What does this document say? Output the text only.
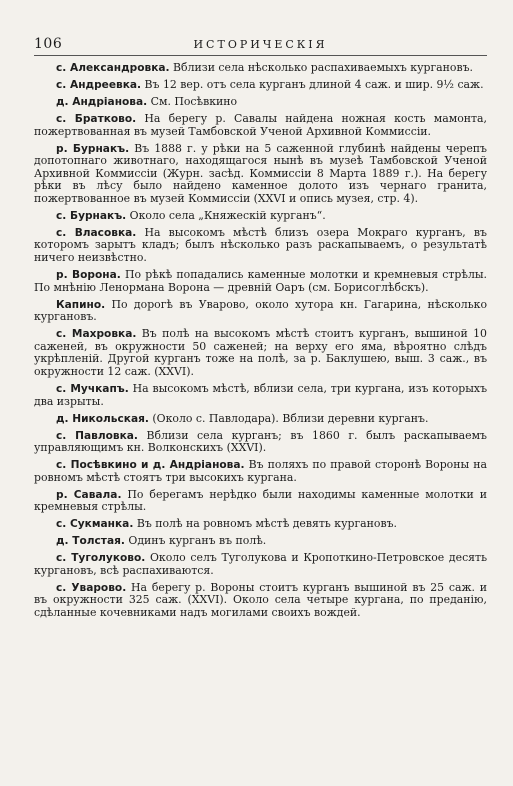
106	ИСТОРИЧЕСКІЯ

с. Александровка. Вблизи села нѣсколько распахиваемыхъ кургановъ.

с. Андреевка. Въ 12 вер. отъ села курганъ длиной 4 саж. и шир. 9½ саж.

д. Андріанова. См. Посѣвкино

с. Братково. На берегу р. Савалы найдена ножная кость мамонта, пожертвованная въ музей Тамбовской Ученой Архивной Коммиссіи.

р. Бурнакъ. Въ 1888 г. у рѣки на 5 саженной глубинѣ найдены черепъ допотопнаго животнаго, находящагося нынѣ въ музеѣ Тамбовской Ученой Архивной Коммиссіи (Журн. засѣд. Коммиссіи 8 Марта 1889 г.). На берегу рѣки въ лѣсу было найдено каменное долото изъ чернаго гранита, пожертвованное въ музей Коммиссіи (XXVI и опись музея, стр. 4).

с. Бурнакъ. Около села „Княжескій курганъ“.

с. Власовка. На высокомъ мѣстѣ близъ озера Мокраго курганъ, въ которомъ зарытъ кладъ; былъ нѣсколько разъ раскапываемъ, о результатѣ ничего неизвѣстно.

р. Ворона. По рѣкѣ попадались каменные молотки и кремневыя стрѣлы. По мнѣнію Ленормана Ворона — древній Оаръ (см. Борисоглѣбскъ).

Капино. По дорогѣ въ Уварово, около хутора кн. Гагарина, нѣсколько кургановъ.

с. Махровка. Въ полѣ на высокомъ мѣстѣ стоитъ курганъ, вышиной 10 саженей, въ окружности 50 саженей; на верху его яма, вѣроятно слѣдъ укрѣпленій. Другой курганъ тоже на полѣ, за р. Баклушею, выш. 3 саж., въ окружности 12 саж. (XXVI).

с. Мучкапъ. На высокомъ мѣстѣ, вблизи села, три кургана, изъ которыхъ два изрыты.

д. Никольская. (Около с. Павлодара). Вблизи деревни курганъ.

с. Павловка. Вблизи села курганъ; въ 1860 г. былъ раскапываемъ управляющимъ кн. Волконскихъ (XXVI).

с. Посѣвкино и д. Андріанова. Въ поляхъ по правой сторонѣ Вороны на ровномъ мѣстѣ стоятъ три высокихъ кургана.

р. Савала. По берегамъ нерѣдко были находимы каменные молотки и кремневыя стрѣлы.

с. Сукманка. Въ полѣ на ровномъ мѣстѣ девять кургановъ.

д. Толстая. Одинъ курганъ въ полѣ.

с. Туголуково. Около селъ Туголукова и Кропоткино-Петровское десять кургановъ, всѣ распахиваются.

с. Уварово. На берегу р. Вороны стоитъ курганъ вышиной въ 25 саж. и въ окружности 325 саж. (XXVI). Около села четыре кургана, по преданію, сдѣланные кочевниками надъ могилами своихъ вождей.
